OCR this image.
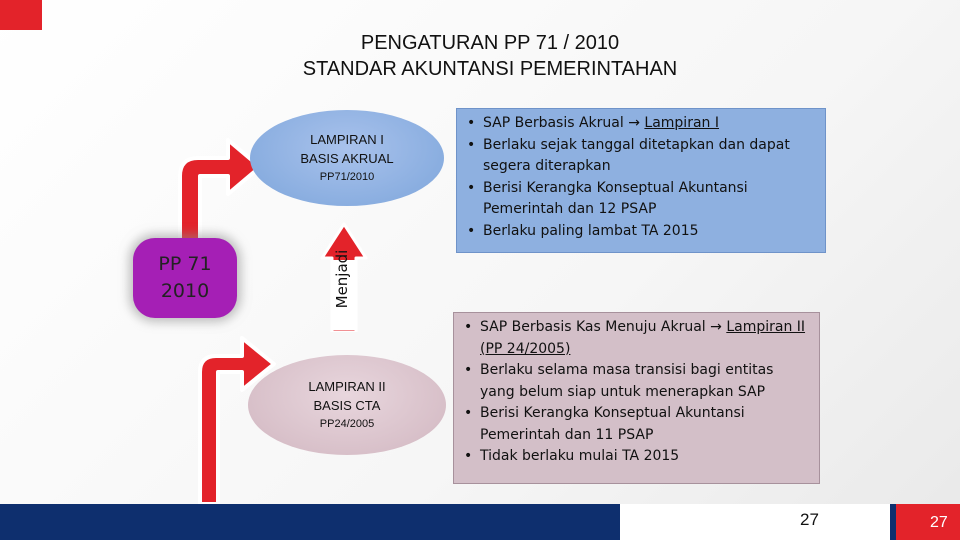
PENGATURAN PP 71 / 2010
STANDAR AKUNTANSI PEMERINTAHAN
PP 71
2010	Menjadi
LAMPIRAN I
BASIS AKRUAL
PP71/2010
LAMPIRAN II
BASIS CTA
PP24/2005
• SAP Berbasis Akrual → Lampiran I
• Berlaku sejak tanggal ditetapkan dan dapat segera diterapkan
• Berisi Kerangka Konseptual Akuntansi Pemerintah dan 12 PSAP
• Berlaku paling lambat TA 2015
• SAP Berbasis Kas Menuju Akrual → Lampiran II (PP 24/2005)
• Berlaku selama masa transisi bagi entitas yang belum siap untuk menerapkan SAP
• Berisi Kerangka Konseptual Akuntansi Pemerintah dan 11 PSAP
• Tidak berlaku mulai TA 2015
27	27
